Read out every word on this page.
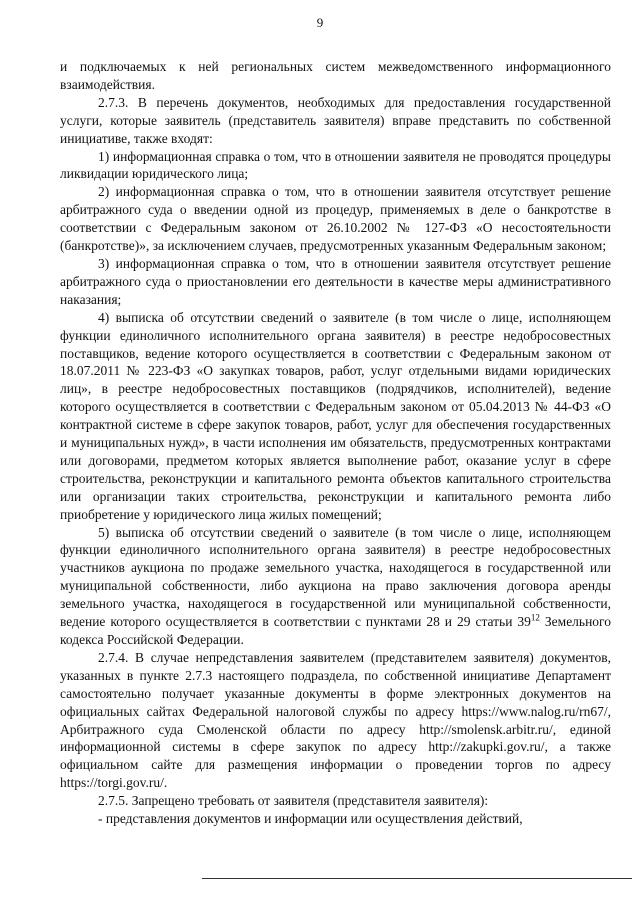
9

и подключаемых к ней региональных систем межведомственного информационного взаимодействия.

2.7.3. В перечень документов, необходимых для предоставления государственной услуги, которые заявитель (представитель заявителя) вправе представить по собственной инициативе, также входят:

1) информационная справка о том, что в отношении заявителя не проводятся процедуры ликвидации юридического лица;

2) информационная справка о том, что в отношении заявителя отсутствует решение арбитражного суда о введении одной из процедур, применяемых в деле о банкротстве в соответствии с Федеральным законом от 26.10.2002 № 127-ФЗ «О несостоятельности (банкротстве)», за исключением случаев, предусмотренных указанным Федеральным законом;

3) информационная справка о том, что в отношении заявителя отсутствует решение арбитражного суда о приостановлении его деятельности в качестве меры административного наказания;

4) выписка об отсутствии сведений о заявителе (в том числе о лице, исполняющем функции единоличного исполнительного органа заявителя) в реестре недобросовестных поставщиков, ведение которого осуществляется в соответствии с Федеральным законом от 18.07.2011 № 223-ФЗ «О закупках товаров, работ, услуг отдельными видами юридических лиц», в реестре недобросовестных поставщиков (подрядчиков, исполнителей), ведение которого осуществляется в соответствии с Федеральным законом от 05.04.2013 № 44-ФЗ «О контрактной системе в сфере закупок товаров, работ, услуг для обеспечения государственных и муниципальных нужд», в части исполнения им обязательств, предусмотренных контрактами или договорами, предметом которых является выполнение работ, оказание услуг в сфере строительства, реконструкции и капитального ремонта объектов капитального строительства или организации таких строительства, реконструкции и капитального ремонта либо приобретение у юридического лица жилых помещений;

5) выписка об отсутствии сведений о заявителе (в том числе о лице, исполняющем функции единоличного исполнительного органа заявителя) в реестре недобросовестных участников аукциона по продаже земельного участка, находящегося в государственной или муниципальной собственности, либо аукциона на право заключения договора аренды земельного участка, находящегося в государственной или муниципальной собственности, ведение которого осуществляется в соответствии с пунктами 28 и 29 статьи $39^{12}$ Земельного кодекса Российской Федерации.

2.7.4. В случае непредставления заявителем (представителем заявителя) документов, указанных в пункте 2.7.3 настоящего подраздела, по собственной инициативе Департамент самостоятельно получает указанные документы в форме электронных документов на официальных сайтах Федеральной налоговой службы по адресу https://www.nalog.ru/rn67/, Арбитражного суда Смоленской области по адресу http://smolensk.arbitr.ru/, единой информационной системы в сфере закупок по адресу http://zakupki.gov.ru/, а также официальном сайте для размещения информации о проведении торгов по адресу https://torgi.gov.ru/.

2.7.5. Запрещено требовать от заявителя (представителя заявителя):

- представления документов и информации или осуществления действий,
